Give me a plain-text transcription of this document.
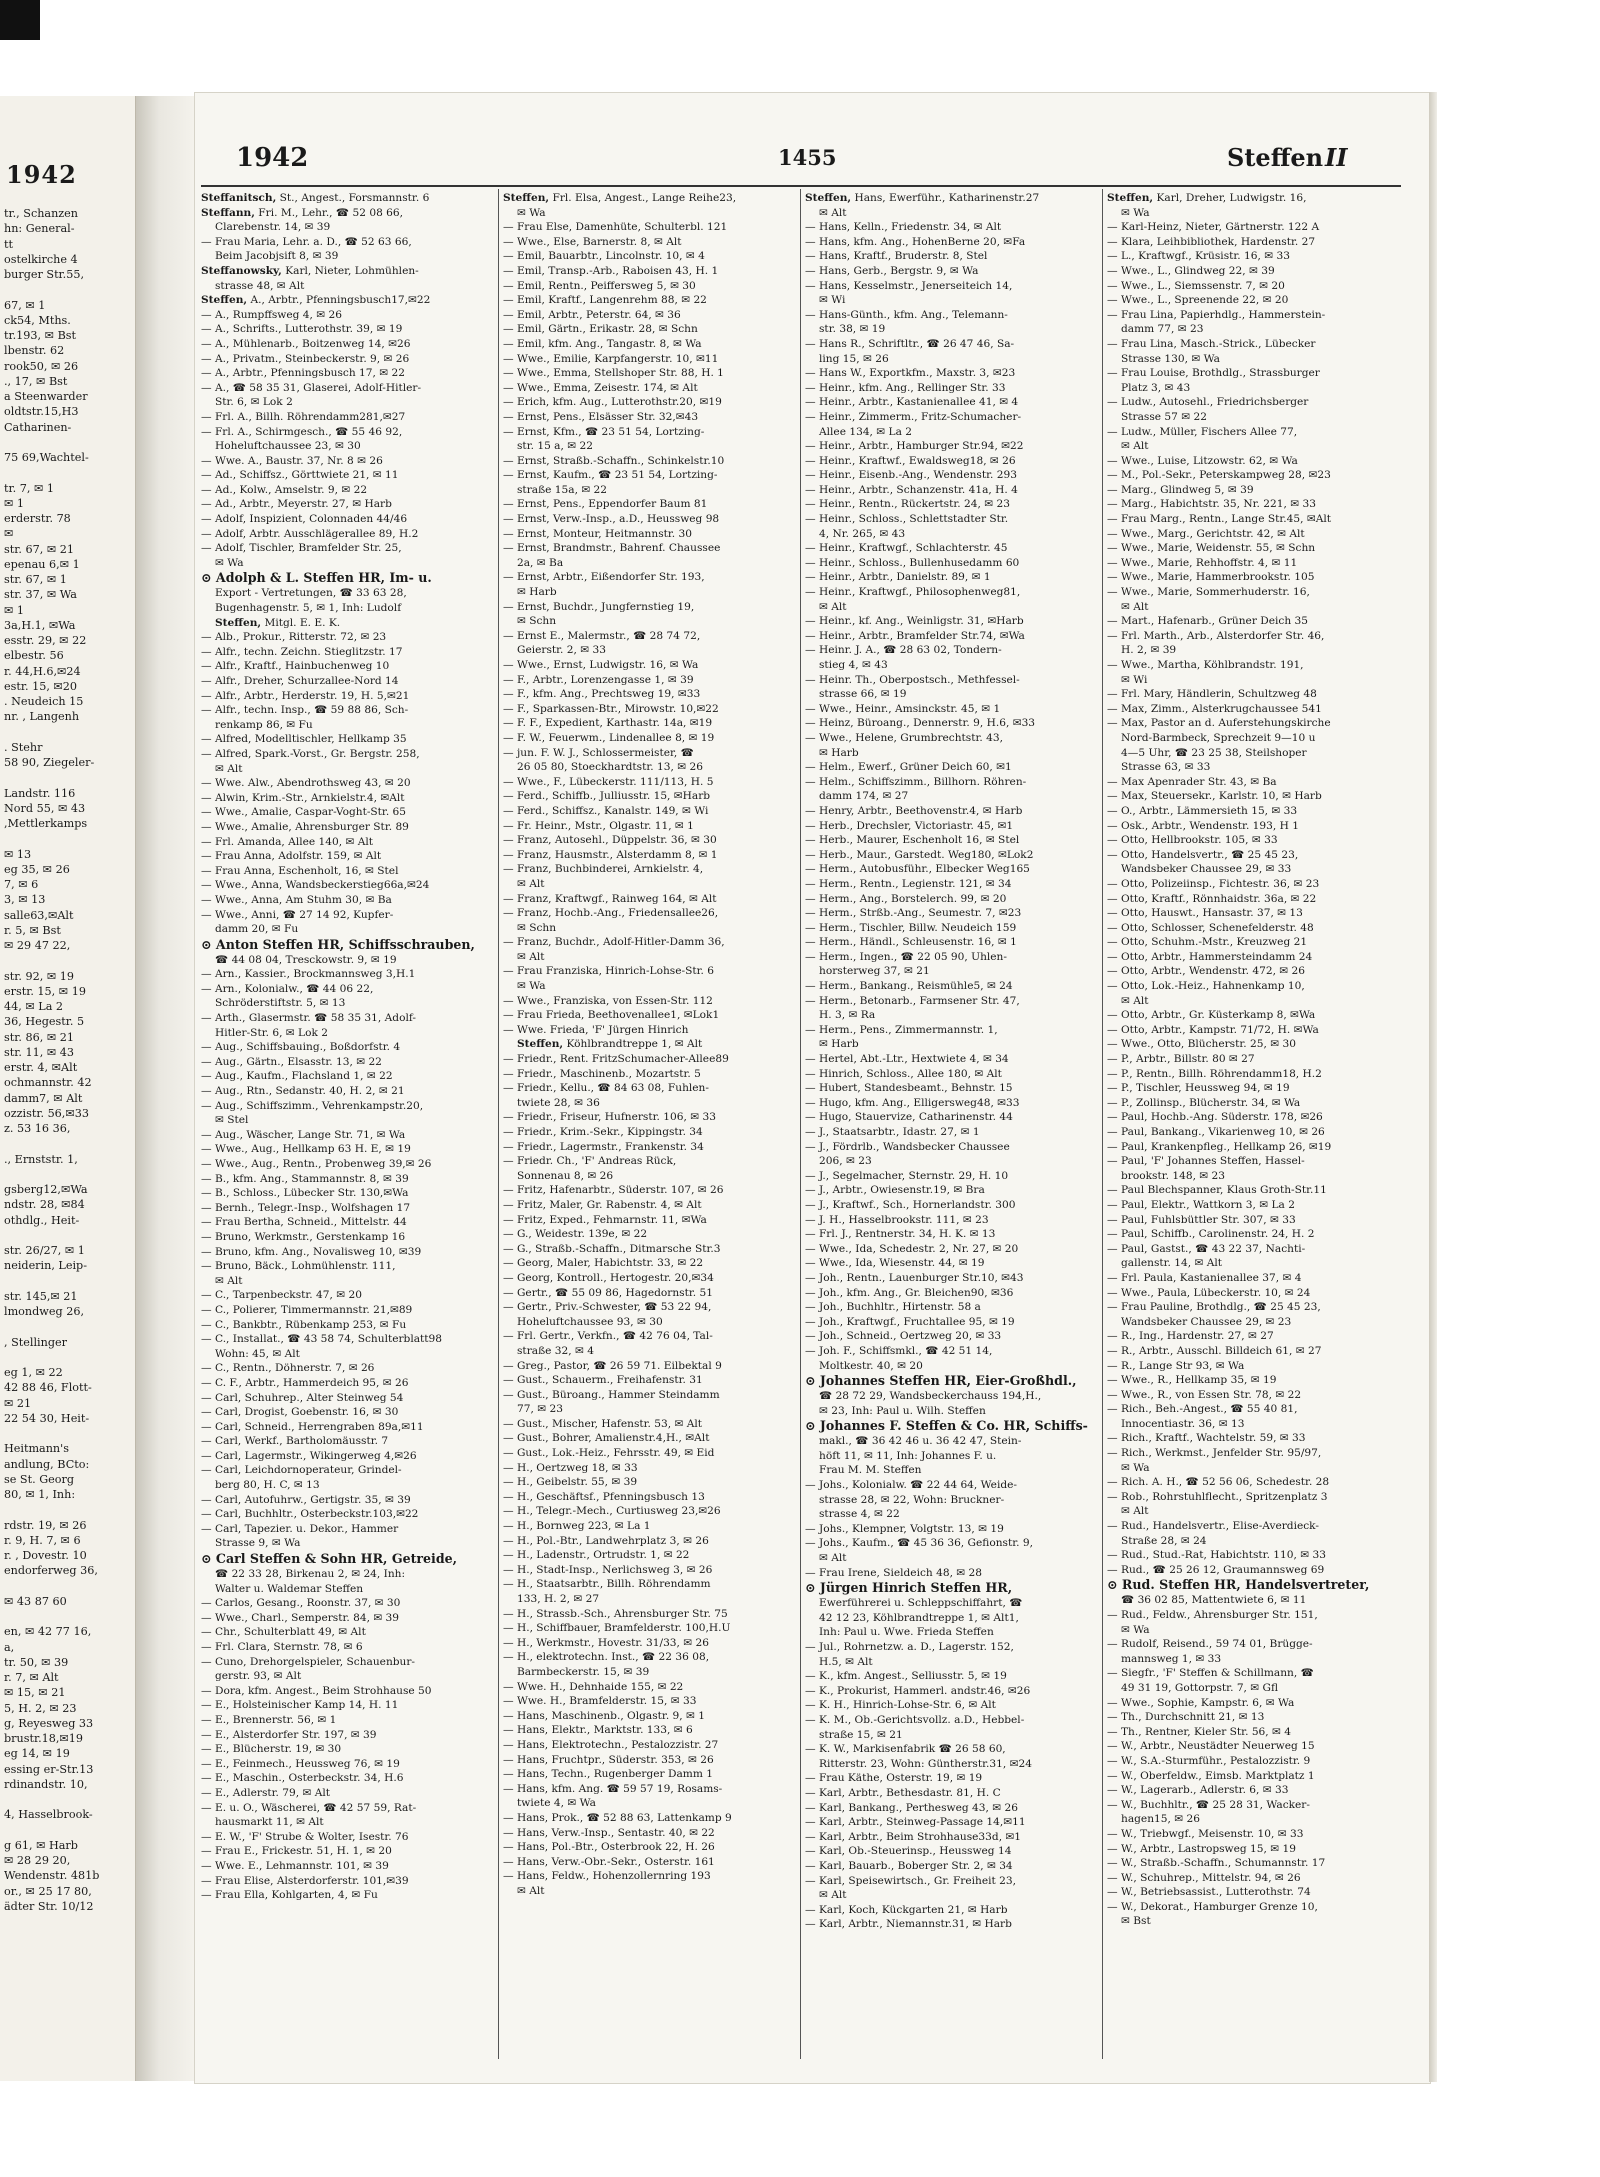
1942
tr., Schanzen
hn: General-
tt
ostelkirche 4
burger Str.55,

67, ✉ 1
ck54, Mths.
tr.193, ✉ Bst
lbenstr. 62
rook50, ✉ 26
., 17, ✉ Bst
a Steenwarder
oldtstr.15,H3
Catharinen-

75 69,Wachtel-

tr. 7, ✉ 1
✉ 1
erderstr. 78
✉
str. 67, ✉ 21
epenau 6,✉ 1
str. 67, ✉ 1
str. 37, ✉ Wa
✉ 1
3a,H.1, ✉Wa
esstr. 29, ✉ 22
elbestr. 56
r. 44,H.6,✉24
estr. 15, ✉20
. Neudeich 15
nr. , Langenh

. Stehr
58 90, Ziegeler-

Landstr. 116
Nord 55, ✉ 43
,Mettlerkamps

✉ 13
eg 35, ✉ 26
7, ✉ 6
3, ✉ 13
salle63,✉Alt
r. 5, ✉ Bst
✉ 29 47 22,

str. 92, ✉ 19
erstr. 15, ✉ 19
44, ✉ La 2
36, Hegestr. 5
str. 86, ✉ 21
str. 11, ✉ 43
erstr. 4, ✉Alt
ochmannstr. 42
damm7, ✉ Alt
ozzistr. 56,✉33
z. 53 16 36,

., Ernststr. 1,

gsberg12,✉Wa
ndstr. 28, ✉84
othdlg., Heit-

str. 26/27, ✉ 1
neiderin, Leip-

str. 145,✉ 21
lmondweg 26,

, Stellinger

eg 1, ✉ 22
42 88 46, Flott-
✉ 21
22 54 30, Heit-

Heitmann's
andlung, BCto:
se St. Georg
80, ✉ 1, Inh:

rdstr. 19, ✉ 26
r. 9, H. 7, ✉ 6
r. , Dovestr. 10
endorferweg 36,

✉ 43 87 60

en, ✉ 42 77 16,
a,
tr. 50, ✉ 39
r. 7, ✉ Alt
✉ 15, ✉ 21
5, H. 2, ✉ 23
g, Reyesweg 33
brustr.18,✉19
eg 14, ✉ 19
essing er-Str.13
rdinandstr. 10,

4, Hasselbrook-

g 61, ✉ Harb
✉ 28 29 20,
Wendenstr. 481b
or., ✉ 25 17 80,
ädter Str. 10/12
1942	1455	Steffen II
Steffanitsch, St., Angest., Forsmannstr. 6
Steffann, Fri. M., Lehr., ☎ 52 08 66,
Clarebenstr. 14, ✉ 39
— Frau Maria, Lehr. a. D., ☎ 52 63 66,
Beim Jacobjsift 8, ✉ 39
Steffanowsky, Karl, Nieter, Lohmühlen-
strasse 48, ✉ Alt
Steffen, A., Arbtr., Pfenningsbusch17,✉22
— A., Rumpffsweg 4, ✉ 26
— A., Schrifts., Lutterothstr. 39, ✉ 19
— A., Mühlenarb., Boitzenweg 14, ✉26
— A., Privatm., Steinbeckerstr. 9, ✉ 26
— A., Arbtr., Pfenningsbusch 17, ✉ 22
— A., ☎ 58 35 31, Glaserei, Adolf-Hitler-
Str. 6, ✉ Lok 2
— Frl. A., Billh. Röhrendamm281,✉27
— Frl. A., Schirmgesch., ☎ 55 46 92,
Hoheluftchaussee 23, ✉ 30
— Wwe. A., Baustr. 37, Nr. 8 ✉ 26
— Ad., Schiffsz., Görttwiete 21, ✉ 11
— Ad., Kolw., Amselstr. 9, ✉ 22
— Ad., Arbtr., Meyerstr. 27, ✉ Harb
— Adolf, Inspizient, Colonnaden 44/46
— Adolf, Arbtr. Ausschlägerallee 89, H.2
— Adolf, Tischler, Bramfelder Str. 25,
✉ Wa
⊙ Adolph & L. Steffen HR, Im- u.
Export - Vertretungen, ☎ 33 63 28,
Bugenhagenstr. 5, ✉ 1, Inh: Ludolf
Steffen, Mitgl. E. E. K.
— Alb., Prokur., Ritterstr. 72, ✉ 23
— Alfr., techn. Zeichn. Stieglitzstr. 17
— Alfr., Kraftf., Hainbuchenweg 10
— Alfr., Dreher, Schurzallee-Nord 14
— Alfr., Arbtr., Herderstr. 19, H. 5,✉21
— Alfr., techn. Insp., ☎ 59 88 86, Sch-
renkamp 86, ✉ Fu
— Alfred, Modelltischler, Hellkamp 35
— Alfred, Spark.-Vorst., Gr. Bergstr. 258,
✉ Alt
— Wwe. Alw., Abendrothsweg 43, ✉ 20
— Alwin, Krim.-Str., Arnkielstr.4, ✉Alt
— Wwe., Amalie, Caspar-Voght-Str. 65
— Wwe., Amalie, Ahrensburger Str. 89
— Frl. Amanda, Allee 140, ✉ Alt
— Frau Anna, Adolfstr. 159, ✉ Alt
— Frau Anna, Eschenholt, 16, ✉ Stel
— Wwe., Anna, Wandsbeckerstieg66a,✉24
— Wwe., Anna, Am Stuhm 30, ✉ Ba
— Wwe., Anni, ☎ 27 14 92, Kupfer-
damm 20, ✉ Fu
⊙ Anton Steffen HR, Schiffsschrauben,
☎ 44 08 04, Tresckowstr. 9, ✉ 19
— Arn., Kassier., Brockmannsweg 3,H.1
— Arn., Kolonialw., ☎ 44 06 22,
Schröderstiftstr. 5, ✉ 13
— Arth., Glasermstr. ☎ 58 35 31, Adolf-
Hitler-Str. 6, ✉ Lok 2
— Aug., Schiffsbauing., Boßdorfstr. 4
— Aug., Gärtn., Elsasstr. 13, ✉ 22
— Aug., Kaufm., Flachsland 1, ✉ 22
— Aug., Rtn., Sedanstr. 40, H. 2, ✉ 21
— Aug., Schiffszimm., Vehrenkampstr.20,
✉ Stel
— Aug., Wäscher, Lange Str. 71, ✉ Wa
— Wwe., Aug., Hellkamp 63 H. E, ✉ 19
— Wwe., Aug., Rentn., Probenweg 39,✉ 26
— B., kfm. Ang., Stammannstr. 8, ✉ 39
— B., Schloss., Lübecker Str. 130,✉Wa
— Bernh., Telegr.-Insp., Wolfshagen 17
— Frau Bertha, Schneid., Mittelstr. 44
— Bruno, Werkmstr., Gerstenkamp 16
— Bruno, kfm. Ang., Novalisweg 10, ✉39
— Bruno, Bäck., Lohmühlenstr. 111,
✉ Alt
— C., Tarpenbeckstr. 47, ✉ 20
— C., Polierer, Timmermannstr. 21,✉89
— C., Bankbtr., Rübenkamp 253, ✉ Fu
— C., Installat., ☎ 43 58 74, Schulterblatt98
Wohn: 45, ✉ Alt
— C., Rentn., Döhnerstr. 7, ✉ 26
— C. F., Arbtr., Hammerdeich 95, ✉ 26
— Carl, Schuhrep., Alter Steinweg 54
— Carl, Drogist, Goebenstr. 16, ✉ 30
— Carl, Schneid., Herrengraben 89a,✉11
— Carl, Werkf., Bartholomäusstr. 7
— Carl, Lagermstr., Wikingerweg 4,✉26
— Carl, Leichdornoperateur, Grindel-
berg 80, H. C, ✉ 13
— Carl, Autofuhrw., Gertigstr. 35, ✉ 39
— Carl, Buchhltr., Osterbeckstr.103,✉22
— Carl, Tapezier. u. Dekor., Hammer
Strasse 9, ✉ Wa
⊙ Carl Steffen & Sohn HR, Getreide,
☎ 22 33 28, Birkenau 2, ✉ 24, Inh:
Walter u. Waldemar Steffen
— Carlos, Gesang., Roonstr. 37, ✉ 30
— Wwe., Charl., Semperstr. 84, ✉ 39
— Chr., Schulterblatt 49, ✉ Alt
— Frl. Clara, Sternstr. 78, ✉ 6
— Cuno, Drehorgelspieler, Schauenbur-
gerstr. 93, ✉ Alt
— Dora, kfm. Angest., Beim Strohhause 50
— E., Holsteinischer Kamp 14, H. 11
— E., Brennerstr. 56, ✉ 1
— E., Alsterdorfer Str. 197, ✉ 39
— E., Blücherstr. 19, ✉ 30
— E., Feinmech., Heussweg 76, ✉ 19
— E., Maschin., Osterbeckstr. 34, H.6
— E., Adlerstr. 79, ✉ Alt
— E. u. O., Wäscherei, ☎ 42 57 59, Rat-
hausmarkt 11, ✉ Alt
— E. W., 'F' Strube & Wolter, Isestr. 76
— Frau E., Frickestr. 51, H. 1, ✉ 20
— Wwe. E., Lehmannstr. 101, ✉ 39
— Frau Elise, Alsterdorferstr. 101,✉39
— Frau Ella, Kohlgarten, 4, ✉ Fu
Steffen, Frl. Elsa, Angest., Lange Reihe23,
✉ Wa
— Frau Else, Damenhüte, Schulterbl. 121
— Wwe., Else, Barnerstr. 8, ✉ Alt
— Emil, Bauarbtr., Lincolnstr. 10, ✉ 4
— Emil, Transp.-Arb., Raboisen 43, H. 1
— Emil, Rentn., Peiffersweg 5, ✉ 30
— Emil, Kraftf., Langenrehm 88, ✉ 22
— Emil, Arbtr., Peterstr. 64, ✉ 36
— Emil, Gärtn., Erikastr. 28, ✉ Schn
— Emil, kfm. Ang., Tangastr. 8, ✉ Wa
— Wwe., Emilie, Karpfangerstr. 10, ✉11
— Wwe., Emma, Stellshoper Str. 88, H. 1
— Wwe., Emma, Zeisestr. 174, ✉ Alt
— Erich, kfm. Aug., Lutterothstr.20, ✉19
— Ernst, Pens., Elsässer Str. 32,✉43
— Ernst, Kfm., ☎ 23 51 54, Lortzing-
str. 15 a, ✉ 22
— Ernst, Straßb.-Schaffn., Schinkelstr.10
— Ernst, Kaufm., ☎ 23 51 54, Lortzing-
straße 15a, ✉ 22
— Ernst, Pens., Eppendorfer Baum 81
— Ernst, Verw.-Insp., a.D., Heussweg 98
— Ernst, Monteur, Heitmannstr. 30
— Ernst, Brandmstr., Bahrenf. Chaussee
2a, ✉ Ba
— Ernst, Arbtr., Eißendorfer Str. 193,
✉ Harb
— Ernst, Buchdr., Jungfernstieg 19,
✉ Schn
— Ernst E., Malermstr., ☎ 28 74 72,
Geierstr. 2, ✉ 33
— Wwe., Ernst, Ludwigstr. 16, ✉ Wa
— F., Arbtr., Lorenzengasse 1, ✉ 39
— F., kfm. Ang., Prechtsweg 19, ✉33
— F., Sparkassen-Btr., Mirowstr. 10,✉22
— F. F., Expedient, Karthastr. 14a, ✉19
— F. W., Feuerwm., Lindenallee 8, ✉ 19
— jun. F. W. J., Schlossermeister, ☎
26 05 80, Stoeckhardtstr. 13, ✉ 26
— Wwe., F., Lübeckerstr. 111/113, H. 5
— Ferd., Schiffb., Julliusstr. 15, ✉Harb
— Ferd., Schiffsz., Kanalstr. 149, ✉ Wi
— Fr. Heinr., Mstr., Olgastr. 11, ✉ 1
— Franz, Autosehl., Düppelstr. 36, ✉ 30
— Franz, Hausmstr., Alsterdamm 8, ✉ 1
— Franz, Buchbinderei, Arnkielstr. 4,
✉ Alt
— Franz, Kraftwgf., Rainweg 164, ✉ Alt
— Franz, Hochb.-Ang., Friedensallee26,
✉ Schn
— Franz, Buchdr., Adolf-Hitler-Damm 36,
✉ Alt
— Frau Franziska, Hinrich-Lohse-Str. 6
✉ Wa
— Wwe., Franziska, von Essen-Str. 112
— Frau Frieda, Beethovenallee1, ✉Lok1
— Wwe. Frieda, 'F' Jürgen Hinrich
Steffen, Köhlbrandtreppe 1, ✉ Alt
— Friedr., Rent. FritzSchumacher-Allee89
— Friedr., Maschinenb., Mozartstr. 5
— Friedr., Kellu., ☎ 84 63 08, Fuhlen-
twiete 28, ✉ 36
— Friedr., Friseur, Hufnerstr. 106, ✉ 33
— Friedr., Krim.-Sekr., Kippingstr. 34
— Friedr., Lagermstr., Frankenstr. 34
— Friedr. Ch., 'F' Andreas Rück,
Sonnenau 8, ✉ 26
— Fritz, Hafenarbtr., Süderstr. 107, ✉ 26
— Fritz, Maler, Gr. Rabenstr. 4, ✉ Alt
— Fritz, Exped., Fehmarnstr. 11, ✉Wa
— G., Weidestr. 139e, ✉ 22
— G., Straßb.-Schaffn., Ditmarsche Str.3
— Georg, Maler, Habichtstr. 33, ✉ 22
— Georg, Kontroll., Hertogestr. 20,✉34
— Gertr., ☎ 55 09 86, Hagedornstr. 51
— Gertr., Priv.-Schwester, ☎ 53 22 94,
Hoheluftchaussee 93, ✉ 30
— Frl. Gertr., Verkfn., ☎ 42 76 04, Tal-
straße 32, ✉ 4
— Greg., Pastor, ☎ 26 59 71. Eilbektal 9
— Gust., Schauerm., Freihafenstr. 31
— Gust., Büroang., Hammer Steindamm
77, ✉ 23
— Gust., Mischer, Hafenstr. 53, ✉ Alt
— Gust., Bohrer, Amalienstr.4,H., ✉Alt
— Gust., Lok.-Heiz., Fehrsstr. 49, ✉ Eid
— H., Oertzweg 18, ✉ 33
— H., Geibelstr. 55, ✉ 39
— H., Geschäftsf., Pfenningsbusch 13
— H., Telegr.-Mech., Curtiusweg 23,✉26
— H., Bornweg 223, ✉ La 1
— H., Pol.-Btr., Landwehrplatz 3, ✉ 26
— H., Ladenstr., Ortrudstr. 1, ✉ 22
— H., Stadt-Insp., Nerlichsweg 3, ✉ 26
— H., Staatsarbtr., Billh. Röhrendamm
133, H. 2, ✉ 27
— H., Strassb.-Sch., Ahrensburger Str. 75
— H., Schiffbauer, Bramfelderstr. 100,H.U
— H., Werkmstr., Hovestr. 31/33, ✉ 26
— H., elektrotechn. Inst., ☎ 22 36 08,
Barmbeckerstr. 15, ✉ 39
— Wwe. H., Dehnhaide 155, ✉ 22
— Wwe. H., Bramfelderstr. 15, ✉ 33
— Hans, Maschinenb., Olgastr. 9, ✉ 1
— Hans, Elektr., Marktstr. 133, ✉ 6
— Hans, Elektrotechn., Pestalozzistr. 27
— Hans, Fruchtpr., Süderstr. 353, ✉ 26
— Hans, Techn., Rugenberger Damm 1
— Hans, kfm. Ang. ☎ 59 57 19, Rosams-
twiete 4, ✉ Wa
— Hans, Prok., ☎ 52 88 63, Lattenkamp 9
— Hans, Verw.-Insp., Sentastr. 40, ✉ 22
— Hans, Pol.-Btr., Osterbrook 22, H. 26
— Hans, Verw.-Obr.-Sekr., Osterstr. 161
— Hans, Feldw., Hohenzollernring 193
✉ Alt
Steffen, Hans, Ewerführ., Katharinenstr.27
✉ Alt
— Hans, Kelln., Friedenstr. 34, ✉ Alt
— Hans, kfm. Ang., HohenBerne 20, ✉Fa
— Hans, Kraftf., Bruderstr. 8, Stel
— Hans, Gerb., Bergstr. 9, ✉ Wa
— Hans, Kesselmstr., Jenerseiteich 14,
✉ Wi
— Hans-Günth., kfm. Ang., Telemann-
str. 38, ✉ 19
— Hans R., Schriftltr., ☎ 26 47 46, Sa-
ling 15, ✉ 26
— Hans W., Exportkfm., Maxstr. 3, ✉23
— Heinr., kfm. Ang., Rellinger Str. 33
— Heinr., Arbtr., Kastanienallee 41, ✉ 4
— Heinr., Zimmerm., Fritz-Schumacher-
Allee 134, ✉ La 2
— Heinr., Arbtr., Hamburger Str.94, ✉22
— Heinr., Kraftwf., Ewaldsweg18, ✉ 26
— Heinr., Eisenb.-Ang., Wendenstr. 293
— Heinr., Arbtr., Schanzenstr. 41a, H. 4
— Heinr., Rentn., Rückertstr. 24, ✉ 23
— Heinr., Schloss., Schlettstadter Str.
4, Nr. 265, ✉ 43
— Heinr., Kraftwgf., Schlachterstr. 45
— Heinr., Schloss., Bullenhusedamm 60
— Heinr., Arbtr., Danielstr. 89, ✉ 1
— Heinr., Kraftwgf., Philosophenweg81,
✉ Alt
— Heinr., kf. Ang., Weinligstr. 31, ✉Harb
— Heinr., Arbtr., Bramfelder Str.74, ✉Wa
— Heinr. J. A., ☎ 28 63 02, Tondern-
stieg 4, ✉ 43
— Heinr. Th., Oberpostsch., Methfessel-
strasse 66, ✉ 19
— Wwe., Heinr., Amsinckstr. 45, ✉ 1
— Heinz, Büroang., Dennerstr. 9, H.6, ✉33
— Wwe., Helene, Grumbrechtstr. 43,
✉ Harb
— Helm., Ewerf., Grüner Deich 60, ✉1
— Helm., Schiffszimm., Billhorn. Röhren-
damm 174, ✉ 27
— Henry, Arbtr., Beethovenstr.4, ✉ Harb
— Herb., Drechsler, Victoriastr. 45, ✉1
— Herb., Maurer, Eschenholt 16, ✉ Stel
— Herb., Maur., Garstedt. Weg180, ✉Lok2
— Herm., Autobusführ., Elbecker Weg165
— Herm., Rentn., Legienstr. 121, ✉ 34
— Herm., Ang., Borstelerch. 99, ✉ 20
— Herm., Strßb.-Ang., Seumestr. 7, ✉23
— Herm., Tischler, Billw. Neudeich 159
— Herm., Händl., Schleusenstr. 16, ✉ 1
— Herm., Ingen., ☎ 22 05 90, Uhlen-
horsterweg 37, ✉ 21
— Herm., Bankang., Reismühle5, ✉ 24
— Herm., Betonarb., Farmsener Str. 47,
H. 3, ✉ Ra
— Herm., Pens., Zimmermannstr. 1,
✉ Harb
— Hertel, Abt.-Ltr., Hextwiete 4, ✉ 34
— Hinrich, Schloss., Allee 180, ✉ Alt
— Hubert, Standesbeamt., Behnstr. 15
— Hugo, kfm. Ang., Elligersweg48, ✉33
— Hugo, Stauervize, Catharinenstr. 44
— J., Staatsarbtr., Idastr. 27, ✉ 1
— J., Fördrlb., Wandsbecker Chaussee
206, ✉ 23
— J., Segelmacher, Sternstr. 29, H. 10
— J., Arbtr., Owiesenstr.19, ✉ Bra
— J., Kraftwf., Sch., Hornerlandstr. 300
— J. H., Hasselbrookstr. 111, ✉ 23
— Frl. J., Rentnerstr. 34, H. K. ✉ 13
— Wwe., Ida, Schedestr. 2, Nr. 27, ✉ 20
— Wwe., Ida, Wiesenstr. 44, ✉ 19
— Joh., Rentn., Lauenburger Str.10, ✉43
— Joh., kfm. Ang., Gr. Bleichen90, ✉36
— Joh., Buchhltr., Hirtenstr. 58 a
— Joh., Kraftwgf., Fruchtallee 95, ✉ 19
— Joh., Schneid., Oertzweg 20, ✉ 33
— Joh. F., Schiffsmkl., ☎ 42 51 14,
Moltkestr. 40, ✉ 20
⊙ Johannes Steffen HR, Eier-Großhdl.,
☎ 28 72 29, Wandsbeckerchauss 194,H.,
✉ 23, Inh: Paul u. Wilh. Steffen
⊙ Johannes F. Steffen & Co. HR, Schiffs-
makl., ☎ 36 42 46 u. 36 42 47, Stein-
höft 11, ✉ 11, Inh: Johannes F. u.
Frau M. M. Steffen
— Johs., Kolonialw. ☎ 22 44 64, Weide-
strasse 28, ✉ 22, Wohn: Bruckner-
strasse 4, ✉ 22
— Johs., Klempner, Volgtstr. 13, ✉ 19
— Johs., Kaufm., ☎ 45 36 36, Gefionstr. 9,
✉ Alt
— Frau Irene, Sieldeich 48, ✉ 28
⊙ Jürgen Hinrich Steffen HR,
Ewerführerei u. Schleppschiffahrt, ☎
42 12 23, Köhlbrandtreppe 1, ✉ Alt1,
Inh: Paul u. Wwe. Frieda Steffen
— Jul., Rohrnetzw. a. D., Lagerstr. 152,
H.5, ✉ Alt
— K., kfm. Angest., Selliusstr. 5, ✉ 19
— K., Prokurist, Hammerl. andstr.46, ✉26
— K. H., Hinrich-Lohse-Str. 6, ✉ Alt
— K. M., Ob.-Gerichtsvollz. a.D., Hebbel-
straße 15, ✉ 21
— K. W., Markisenfabrik ☎ 26 58 60,
Ritterstr. 23, Wohn: Güntherstr.31, ✉24
— Frau Käthe, Osterstr. 19, ✉ 19
— Karl, Arbtr., Bethesdastr. 81, H. C
— Karl, Bankang., Perthesweg 43, ✉ 26
— Karl, Arbtr., Steinweg-Passage 14,✉11
— Karl, Arbtr., Beim Strohhause33d, ✉1
— Karl, Ob.-Steuerinsp., Heussweg 14
— Karl, Bauarb., Boberger Str. 2, ✉ 34
— Karl, Speisewirtsch., Gr. Freiheit 23,
✉ Alt
— Karl, Koch, Kückgarten 21, ✉ Harb
— Karl, Arbtr., Niemannstr.31, ✉ Harb
Steffen, Karl, Dreher, Ludwigstr. 16,
✉ Wa
— Karl-Heinz, Nieter, Gärtnerstr. 122 A
— Klara, Leihbibliothek, Hardenstr. 27
— L., Kraftwgf., Krüsistr. 16, ✉ 33
— Wwe., L., Glindweg 22, ✉ 39
— Wwe., L., Siemssenstr. 7, ✉ 20
— Wwe., L., Spreenende 22, ✉ 20
— Frau Lina, Papierhdlg., Hammerstein-
damm 77, ✉ 23
— Frau Lina, Masch.-Strick., Lübecker
Strasse 130, ✉ Wa
— Frau Louise, Brothdlg., Strassburger
Platz 3, ✉ 43
— Ludw., Autosehl., Friedrichsberger
Strasse 57 ✉ 22
— Ludw., Müller, Fischers Allee 77,
✉ Alt
— Wwe., Luise, Litzowstr. 62, ✉ Wa
— M., Pol.-Sekr., Peterskampweg 28, ✉23
— Marg., Glindweg 5, ✉ 39
— Marg., Habichtstr. 35, Nr. 221, ✉ 33
— Frau Marg., Rentn., Lange Str.45, ✉Alt
— Wwe., Marg., Gerichtstr. 42, ✉ Alt
— Wwe., Marie, Weidenstr. 55, ✉ Schn
— Wwe., Marie, Rehhoffstr. 4, ✉ 11
— Wwe., Marie, Hammerbrookstr. 105
— Wwe., Marie, Sommerhuderstr. 16,
✉ Alt
— Mart., Hafenarb., Grüner Deich 35
— Frl. Marth., Arb., Alsterdorfer Str. 46,
H. 2, ✉ 39
— Wwe., Martha, Köhlbrandstr. 191,
✉ Wi
— Frl. Mary, Händlerin, Schultzweg 48
— Max, Zimm., Alsterkrugchaussee 541
— Max, Pastor an d. Auferstehungskirche
Nord-Barmbeck, Sprechzeit 9—10 u
4—5 Uhr, ☎ 23 25 38, Steilshoper
Strasse 63, ✉ 33
— Max Apenrader Str. 43, ✉ Ba
— Max, Steuersekr., Karlstr. 10, ✉ Harb
— O., Arbtr., Lämmersieth 15, ✉ 33
— Osk., Arbtr., Wendenstr. 193, H 1
— Otto, Hellbrookstr. 105, ✉ 33
— Otto, Handelsvertr., ☎ 25 45 23,
Wandsbeker Chaussee 29, ✉ 33
— Otto, Polizeiinsp., Fichtestr. 36, ✉ 23
— Otto, Kraftf., Rönnhaidstr. 36a, ✉ 22
— Otto, Hauswt., Hansastr. 37, ✉ 13
— Otto, Schlosser, Schenefelderstr. 48
— Otto, Schuhm.-Mstr., Kreuzweg 21
— Otto, Arbtr., Hammersteindamm 24
— Otto, Arbtr., Wendenstr. 472, ✉ 26
— Otto, Lok.-Heiz., Hahnenkamp 10,
✉ Alt
— Otto, Arbtr., Gr. Küsterkamp 8, ✉Wa
— Otto, Arbtr., Kampstr. 71/72, H. ✉Wa
— Wwe., Otto, Blücherstr. 25, ✉ 30
— P., Arbtr., Billstr. 80 ✉ 27
— P., Rentn., Billh. Röhrendamm18, H.2
— P., Tischler, Heussweg 94, ✉ 19
— P., Zollinsp., Blücherstr. 34, ✉ Wa
— Paul, Hochb.-Ang. Süderstr. 178, ✉26
— Paul, Bankang., Vikarienweg 10, ✉ 26
— Paul, Krankenpfleg., Hellkamp 26, ✉19
— Paul, 'F' Johannes Steffen, Hassel-
brookstr. 148, ✉ 23
— Paul Blechspanner, Klaus Groth-Str.11
— Paul, Elektr., Wattkorn 3, ✉ La 2
— Paul, Fuhlsbüttler Str. 307, ✉ 33
— Paul, Schiffb., Carolinenstr. 24, H. 2
— Paul, Gastst., ☎ 43 22 37, Nachti-
gallenstr. 14, ✉ Alt
— Frl. Paula, Kastanienallee 37, ✉ 4
— Wwe., Paula, Lübeckerstr. 10, ✉ 24
— Frau Pauline, Brothdlg., ☎ 25 45 23,
Wandsbeker Chaussee 29, ✉ 23
— R., Ing., Hardenstr. 27, ✉ 27
— R., Arbtr., Ausschl. Billdeich 61, ✉ 27
— R., Lange Str 93, ✉ Wa
— Wwe., R., Hellkamp 35, ✉ 19
— Wwe., R., von Essen Str. 78, ✉ 22
— Rich., Beh.-Angest., ☎ 55 40 81,
Innocentiastr. 36, ✉ 13
— Rich., Kraftf., Wachtelstr. 59, ✉ 33
— Rich., Werkmst., Jenfelder Str. 95/97,
✉ Wa
— Rich. A. H., ☎ 52 56 06, Schedestr. 28
— Rob., Rohrstuhlflecht., Spritzenplatz 3
✉ Alt
— Rud., Handelsvertr., Elise-Averdieck-
Straße 28, ✉ 24
— Rud., Stud.-Rat, Habichtstr. 110, ✉ 33
— Rud., ☎ 25 26 12, Graumannsweg 69
⊙ Rud. Steffen HR, Handelsvertreter,
☎ 36 02 85, Mattentwiete 6, ✉ 11
— Rud., Feldw., Ahrensburger Str. 151,
✉ Wa
— Rudolf, Reisend., 59 74 01, Brügge-
mannsweg 1, ✉ 33
— Siegfr., 'F' Steffen & Schillmann, ☎
49 31 19, Gottorpstr. 7, ✉ Gfl
— Wwe., Sophie, Kampstr. 6, ✉ Wa
— Th., Durchschnitt 21, ✉ 13
— Th., Rentner, Kieler Str. 56, ✉ 4
— W., Arbtr., Neustädter Neuerweg 15
— W., S.A.-Sturmführ., Pestalozzistr. 9
— W., Oberfeldw., Eimsb. Marktplatz 1
— W., Lagerarb., Adlerstr. 6, ✉ 33
— W., Buchhltr., ☎ 25 28 31, Wacker-
hagen15, ✉ 26
— W., Triebwgf., Meisenstr. 10, ✉ 33
— W., Arbtr., Lastropsweg 15, ✉ 19
— W., Straßb.-Schaffn., Schumannstr. 17
— W., Schuhrep., Mittelstr. 94, ✉ 26
— W., Betriebsassist., Lutterothstr. 74
— W., Dekorat., Hamburger Grenze 10,
✉ Bst
